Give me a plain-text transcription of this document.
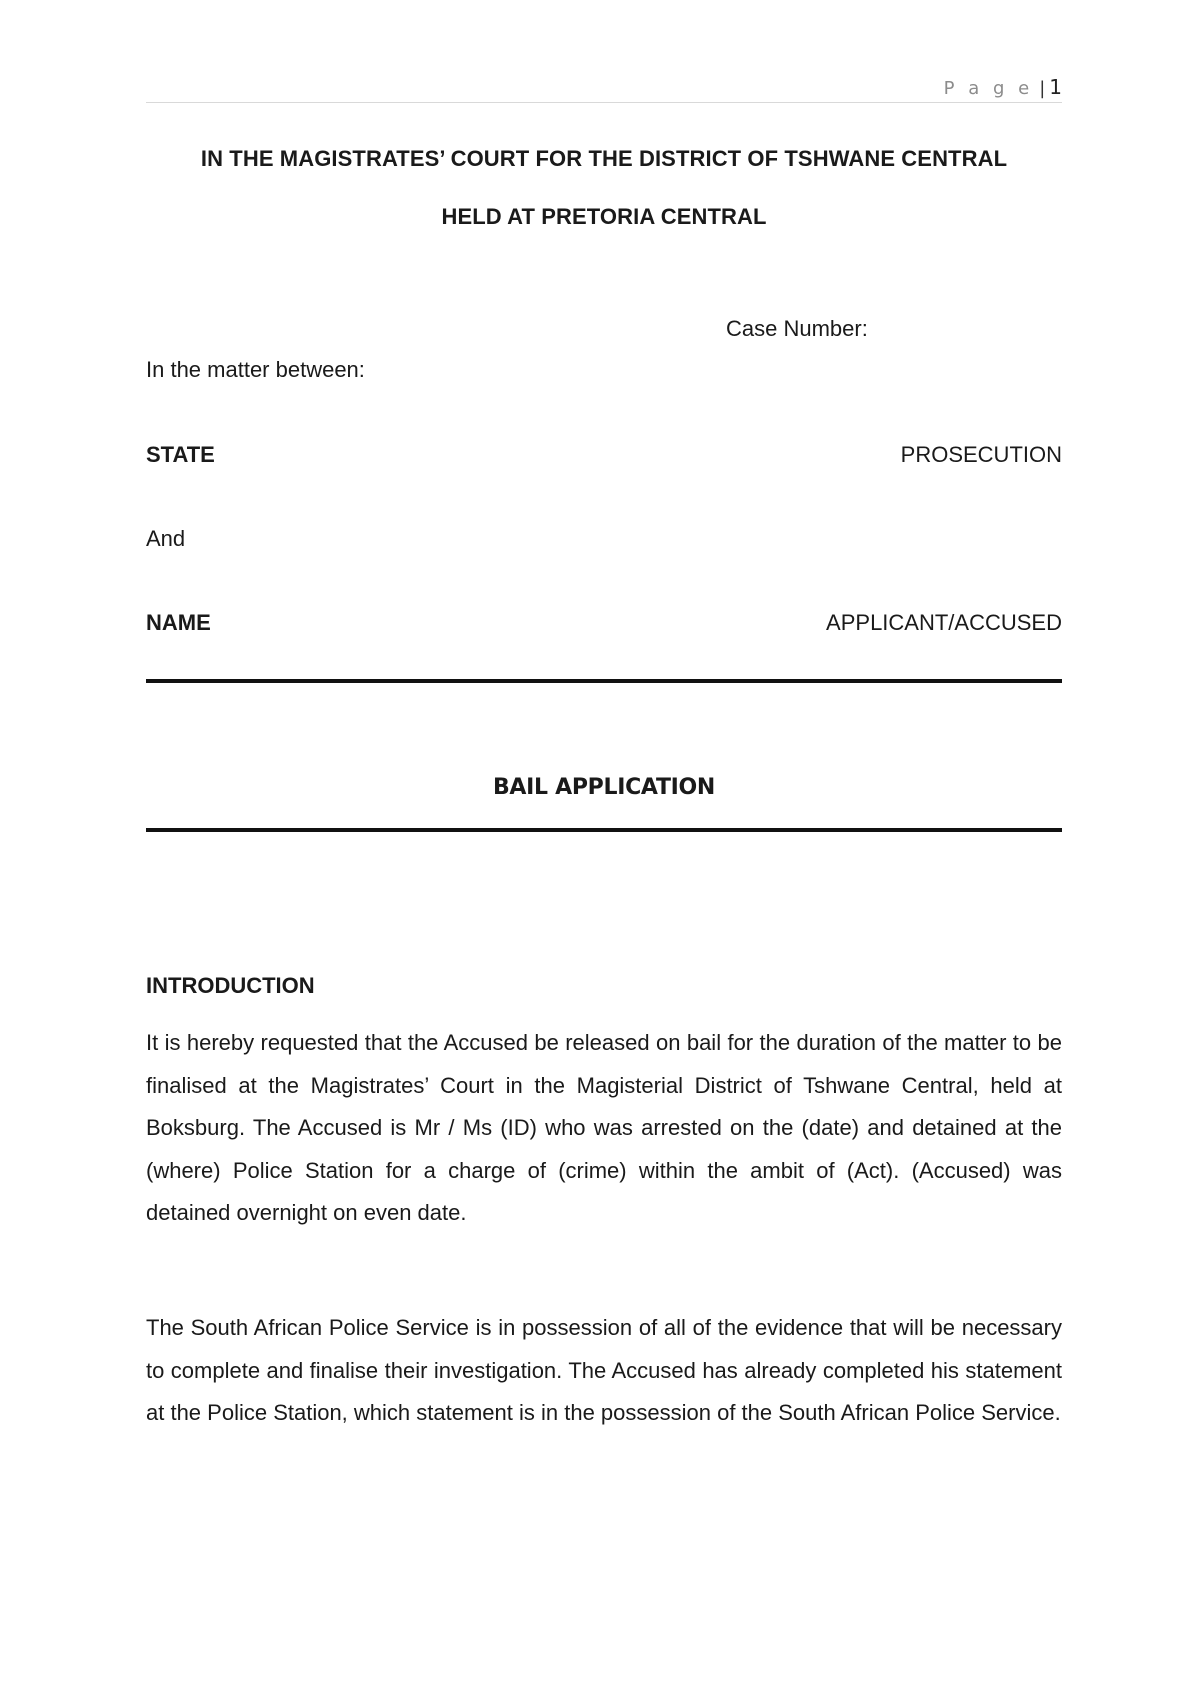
P a g e | 1
IN THE MAGISTRATES’ COURT FOR THE DISTRICT OF TSHWANE CENTRAL
HELD AT PRETORIA CENTRAL
Case Number:
In the matter between:
STATE	PROSECUTION
And
NAME	APPLICANT/ACCUSED
BAIL APPLICATION
INTRODUCTION

It is hereby requested that the Accused be released on bail for the duration of the matter to be finalised at the Magistrates’ Court in the Magisterial District of Tshwane Central, held at Boksburg. The Accused is Mr / Ms (ID) who was arrested on the (date) and detained at the (where) Police Station for a charge of (crime) within the ambit of (Act). (Accused) was detained overnight on even date.

The South African Police Service is in possession of all of the evidence that will be necessary to complete and finalise their investigation. The Accused has already completed his statement at the Police Station, which statement is in the possession of the South African Police Service.
